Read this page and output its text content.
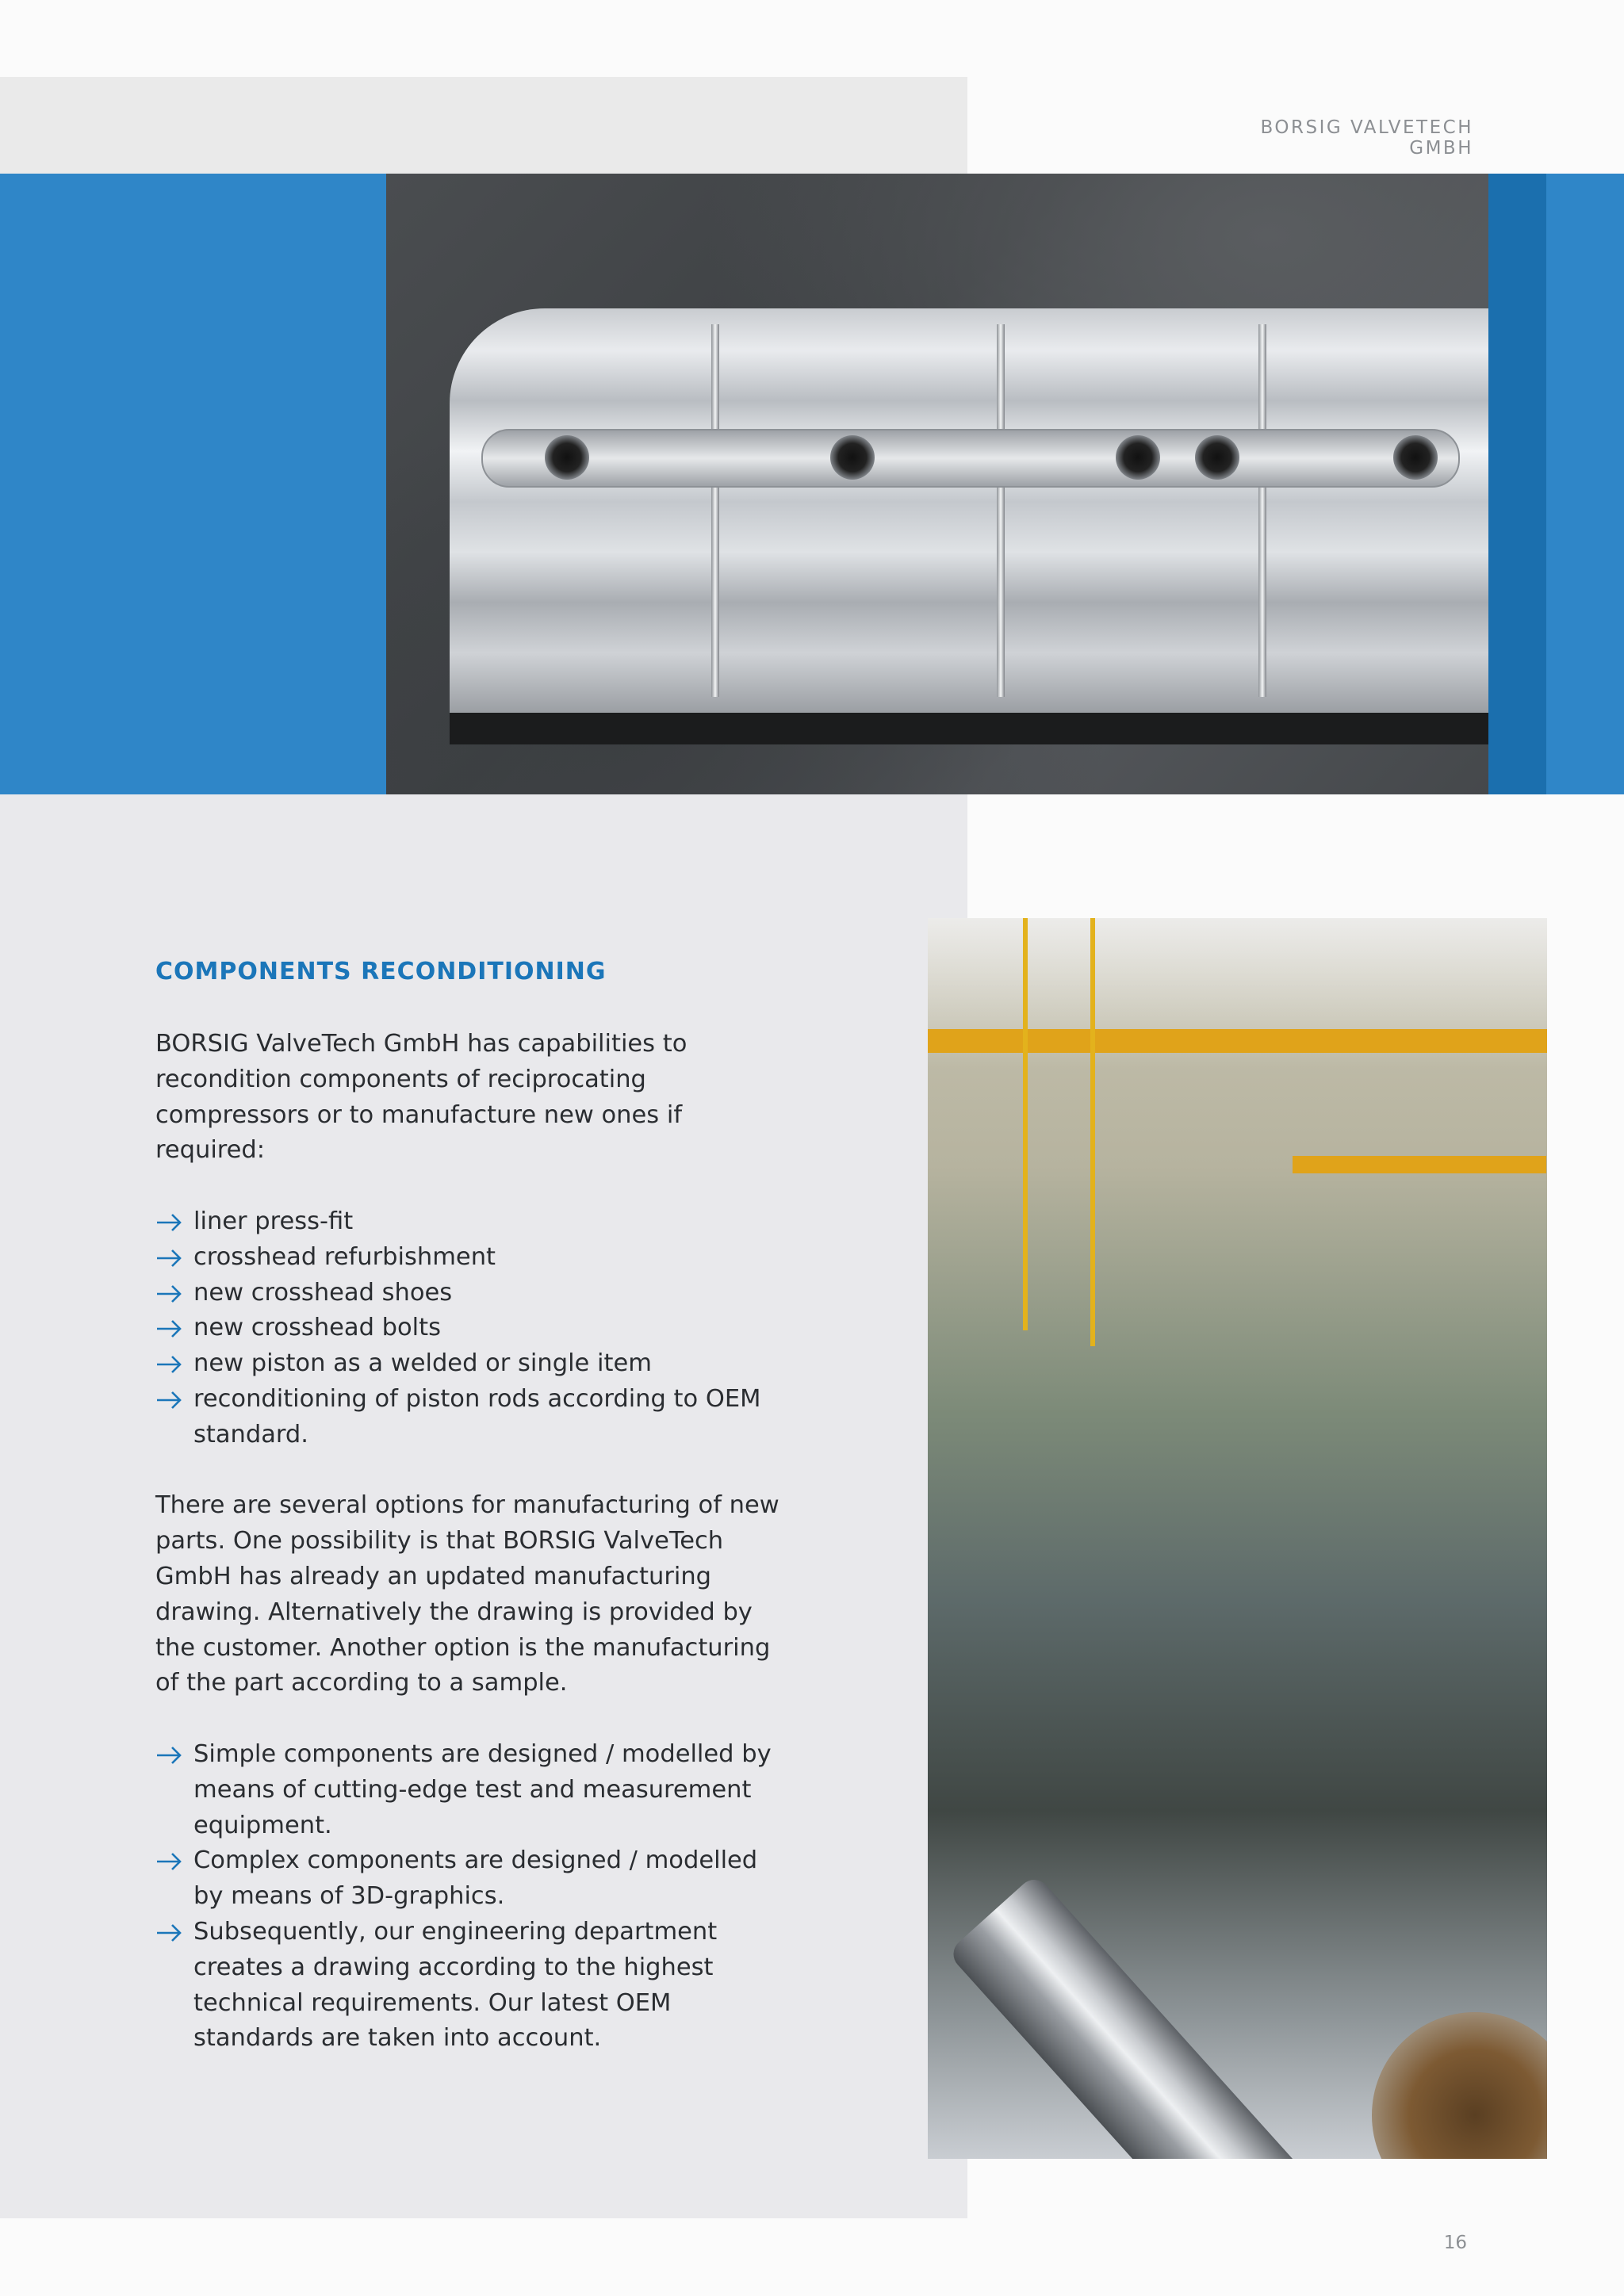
BORSIG VALVETECH GMBH
COMPONENTS RECONDITIONING

BORSIG ValveTech GmbH has capabilities to recondition components of reciprocating compressors or to manufacture new ones if required:

liner press-fit
crosshead refurbishment
new crosshead shoes
new crosshead bolts
new piston as a welded or single item
reconditioning of piston rods according to OEM standard.

There are several options for manufacturing of new parts. One possibility is that BORSIG ValveTech GmbH has already an updated manufacturing drawing. Alternatively the drawing is provided by the customer. Another option is the manufacturing of the part according to a sample.

Simple components are designed / modelled by means of cutting-edge test and measurement equipment.
Complex components are designed / modelled by means of 3D-graphics.
Subsequently, our engineering department creates a drawing according to the highest technical requirements. Our latest OEM standards are taken into account.
16
